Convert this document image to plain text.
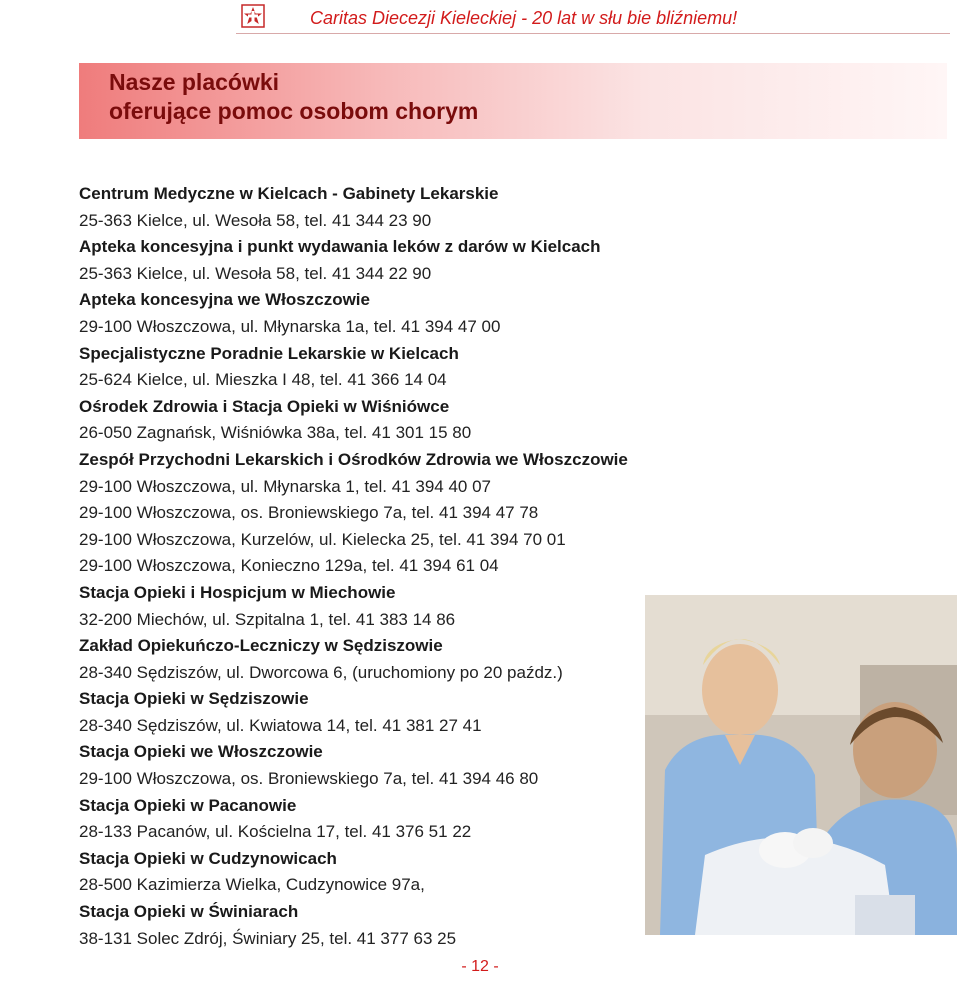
Caritas Diecezji Kieleckiej - 20 lat w słu bie bliźniemu!
Nasze placówki
oferujące pomoc osobom chorym
Centrum Medyczne w Kielcach - Gabinety Lekarskie
25-363 Kielce, ul. Wesoła 58, tel. 41 344 23 90
Apteka koncesyjna i punkt wydawania leków z darów w Kielcach
25-363 Kielce, ul. Wesoła 58, tel. 41 344 22 90
Apteka koncesyjna we Włoszczowie
29-100 Włoszczowa, ul. Młynarska 1a, tel. 41 394 47 00
Specjalistyczne Poradnie Lekarskie w Kielcach
25-624 Kielce, ul. Mieszka I 48, tel. 41 366 14 04
Ośrodek Zdrowia i Stacja Opieki w Wiśniówce
26-050 Zagnańsk, Wiśniówka 38a, tel. 41 301 15 80
Zespół Przychodni Lekarskich i Ośrodków Zdrowia we Włoszczowie
29-100 Włoszczowa, ul. Młynarska 1, tel. 41 394 40 07
29-100 Włoszczowa, os. Broniewskiego 7a, tel. 41 394 47 78
29-100 Włoszczowa, Kurzelów, ul. Kielecka 25, tel. 41 394 70 01
29-100 Włoszczowa, Konieczno 129a, tel. 41 394 61 04
Stacja Opieki i Hospicjum w Miechowie
32-200 Miechów, ul. Szpitalna 1, tel. 41 383 14 86
Zakład Opiekuńczo-Leczniczy w Sędziszowie
28-340 Sędziszów, ul. Dworcowa 6, (uruchomiony po 20 paźdz.)
Stacja Opieki w Sędziszowie
28-340 Sędziszów, ul. Kwiatowa 14, tel. 41 381 27 41
Stacja Opieki we Włoszczowie
29-100 Włoszczowa, os. Broniewskiego 7a, tel. 41 394 46 80
Stacja Opieki w Pacanowie
28-133 Pacanów, ul. Kościelna 17, tel. 41 376 51 22
Stacja Opieki w Cudzynowicach
28-500 Kazimierza Wielka, Cudzynowice 97a,
Stacja Opieki w Świniarach
38-131 Solec Zdrój, Świniary 25, tel. 41 377 63 25
- 12 -
